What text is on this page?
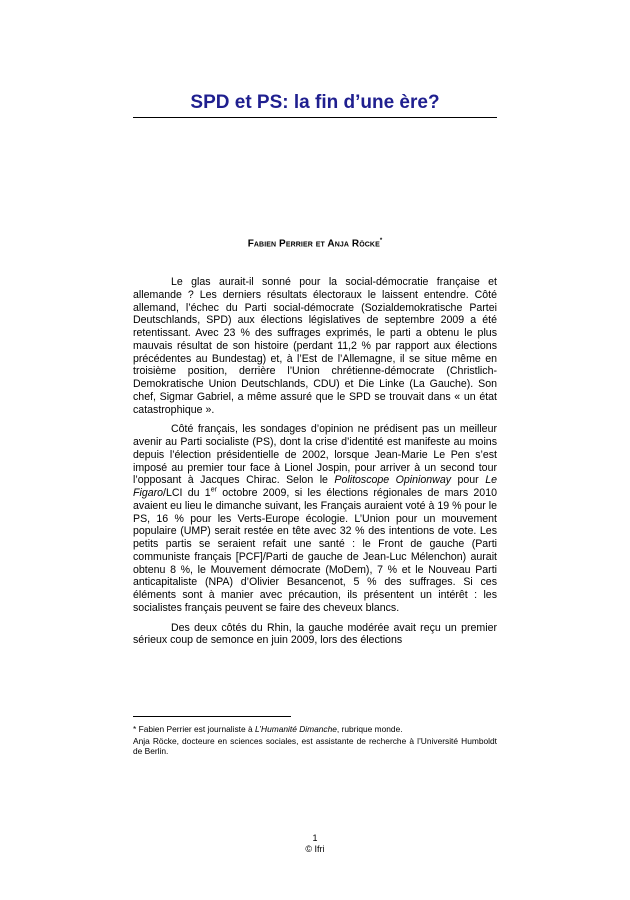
SPD et PS: la fin d’une ère?
Fabien Perrier et Anja Röcke*

Le glas aurait-il sonné pour la social-démocratie française et allemande ? Les derniers résultats électoraux le laissent entendre. Côté allemand, l’échec du Parti social-démocrate (Sozialdemokratische Partei Deutschlands, SPD) aux élections législatives de septembre 2009 a été retentissant. Avec 23 % des suffrages exprimés, le parti a obtenu le plus mauvais résultat de son histoire (perdant 11,2 % par rapport aux élections précédentes au Bundestag) et, à l’Est de l’Allemagne, il se situe même en troisième position, derrière l’Union chrétienne-démocrate (Christlich-Demokratische Union Deutschlands, CDU) et Die Linke (La Gauche). Son chef, Sigmar Gabriel, a même assuré que le SPD se trouvait dans « un état catastrophique ».

Côté français, les sondages d’opinion ne prédisent pas un meilleur avenir au Parti socialiste (PS), dont la crise d’identité est manifeste au moins depuis l’élection présidentielle de 2002, lorsque Jean-Marie Le Pen s’est imposé au premier tour face à Lionel Jospin, pour arriver à un second tour l’opposant à Jacques Chirac. Selon le Politoscope Opinionway pour Le Figaro/LCI du 1er octobre 2009, si les élections régionales de mars 2010 avaient eu lieu le dimanche suivant, les Français auraient voté à 19 % pour le PS, 16 % pour les Verts-Europe écologie. L’Union pour un mouvement populaire (UMP) serait restée en tête avec 32 % des intentions de vote. Les petits partis se seraient refait une santé : le Front de gauche (Parti communiste français [PCF]/Parti de gauche de Jean-Luc Mélenchon) aurait obtenu 8 %, le Mouvement démocrate (MoDem), 7 % et le Nouveau Parti anticapitaliste (NPA) d’Olivier Besancenot, 5 % des suffrages. Si ces éléments sont à manier avec précaution, ils présentent un intérêt : les socialistes français peuvent se faire des cheveux blancs.

Des deux côtés du Rhin, la gauche modérée avait reçu un premier sérieux coup de semonce en juin 2009, lors des élections

* Fabien Perrier est journaliste à L’Humanité Dimanche, rubrique monde.

Anja Röcke, docteure en sciences sociales, est assistante de recherche à l’Université Humboldt de Berlin.

1
© Ifri
